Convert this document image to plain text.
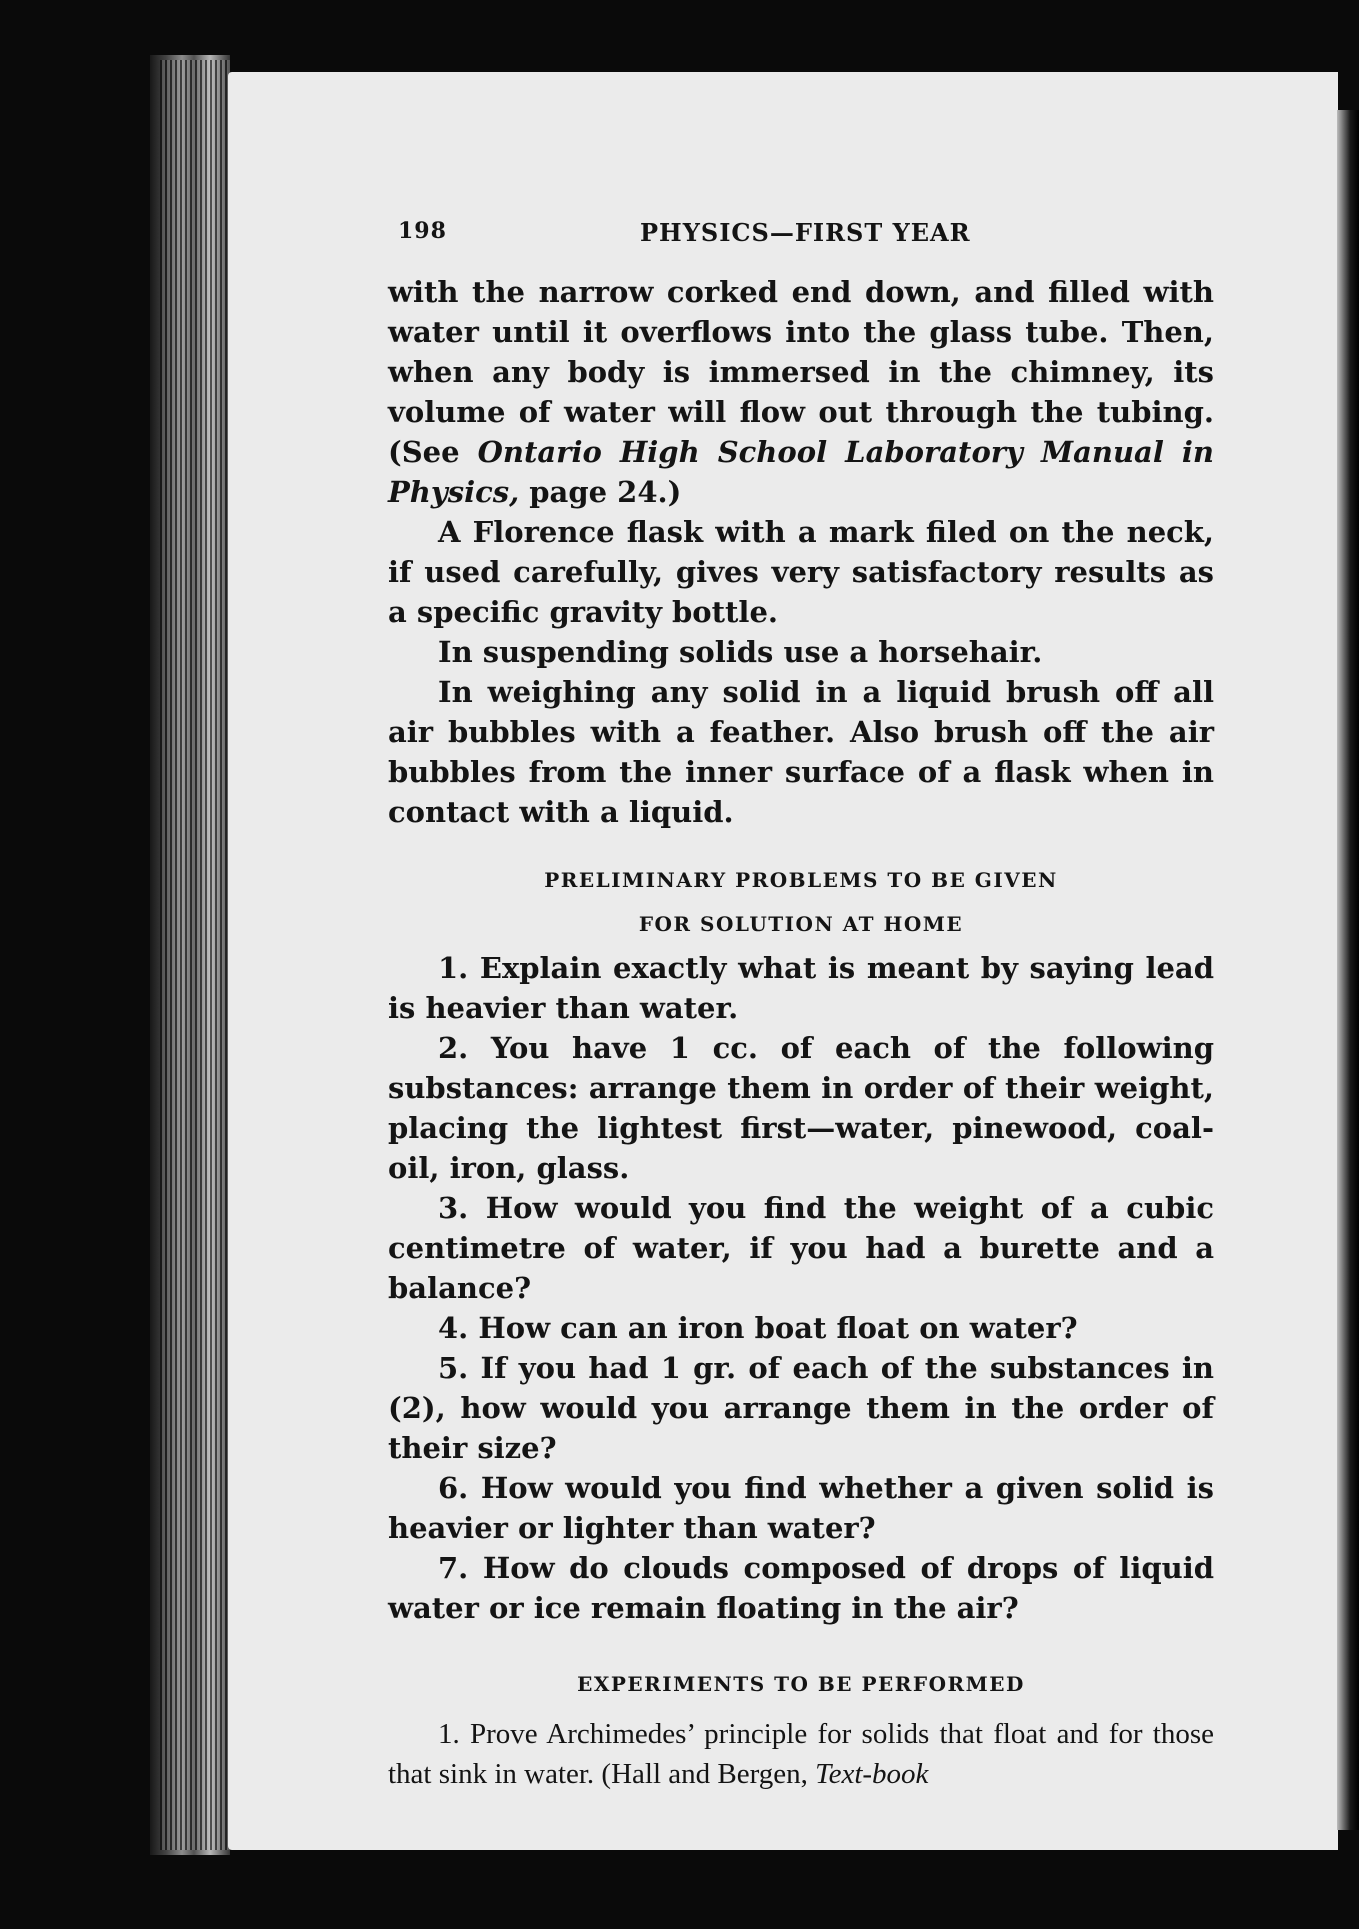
198	PHYSICS—FIRST YEAR

with the narrow corked end down, and filled with water until it overflows into the glass tube. Then, when any body is immersed in the chimney, its volume of water will flow out through the tubing. (See Ontario High School Laboratory Manual in Physics, page 24.)

A Florence flask with a mark filed on the neck, if used carefully, gives very satisfactory results as a specific gravity bottle.

In suspending solids use a horsehair.

In weighing any solid in a liquid brush off all air bubbles with a feather. Also brush off the air bubbles from the inner surface of a flask when in contact with a liquid.

PRELIMINARY PROBLEMS TO BE GIVEN

FOR SOLUTION AT HOME

1. Explain exactly what is meant by saying lead is heavier than water.

2. You have 1 cc. of each of the following substances: arrange them in order of their weight, placing the lightest first—water, pinewood, coal-oil, iron, glass.

3. How would you find the weight of a cubic centimetre of water, if you had a burette and a balance?

4. How can an iron boat float on water?

5. If you had 1 gr. of each of the substances in (2), how would you arrange them in the order of their size?

6. How would you find whether a given solid is heavier or lighter than water?

7. How do clouds composed of drops of liquid water or ice remain floating in the air?

EXPERIMENTS TO BE PERFORMED

1. Prove Archimedes’ principle for solids that float and for those that sink in water. (Hall and Bergen, Text-book
